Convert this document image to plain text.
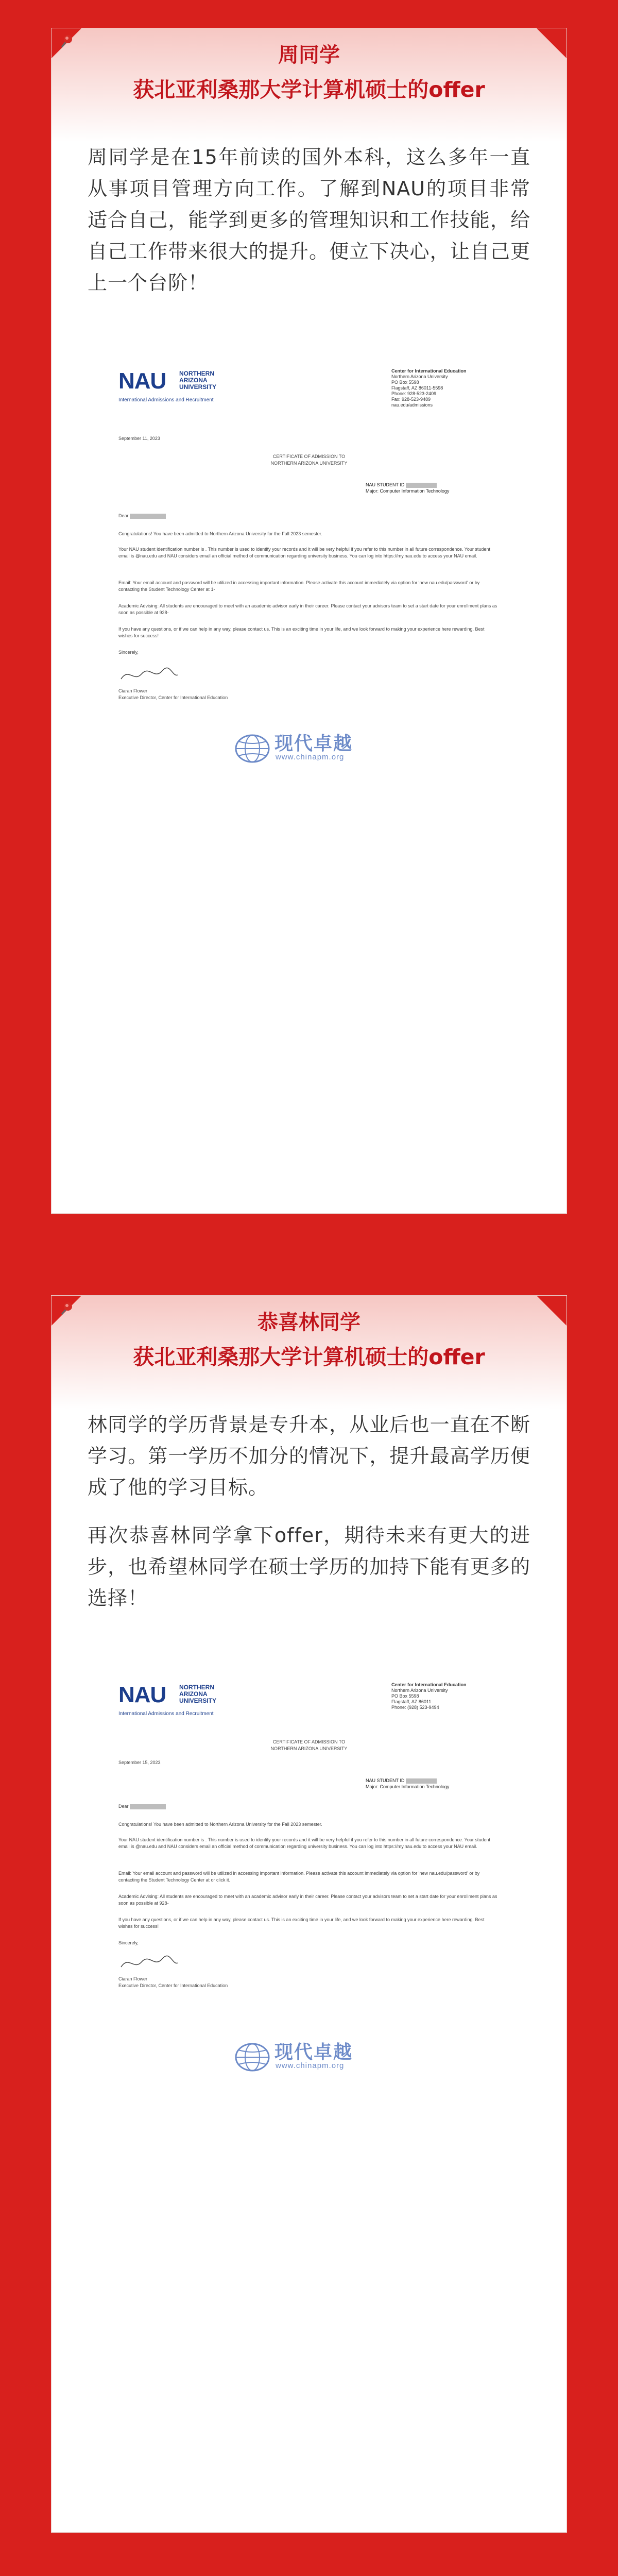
周同学
获北亚利桑那大学计算机硕士的offer
周同学是在15年前读的国外本科，这么多年一直从事项目管理方向工作。了解到NAU的项目非常适合自己，能学到更多的管理知识和工作技能，给自己工作带来很大的提升。便立下决心，让自己更上一个台阶！
NAU NORTHERN
ARIZONA
UNIVERSITY
International Admissions and Recruitment
Center for International Education
Northern Arizona University
PO Box 5598
Flagstaff, AZ 86011-5598
Phone: 928-523-2409
Fax: 928-523-9489
nau.edu/admissions
September 11, 2023
CERTIFICATE OF ADMISSION TO
NORTHERN ARIZONA UNIVERSITY
NAU STUDENT ID
Major: Computer Information Technology
Dear
Congratulations! You have been admitted to Northern Arizona University for the Fall 2023 semester.
Your NAU student identification number is . This number is used to identify your records and it will be very helpful if you refer to this number in all future correspondence. Your student email is @nau.edu and NAU considers email an official method of communication regarding university business. You can log into https://my.nau.edu to access your NAU email.
Email: Your email account and password will be utilized in accessing important information. Please activate this account immediately via option for 'new nau.edu/password' or by contacting the Student Technology Center at 1-
Academic Advising: All students are encouraged to meet with an academic advisor early in their career. Please contact your advisors team to set a start date for your enrollment plans as soon as possible at 928-
If you have any questions, or if we can help in any way, please contact us. This is an exciting time in your life, and we look forward to making your experience here rewarding. Best wishes for success!
Sincerely,
Ciaran Flower
Executive Director, Center for International Education
现代卓越
www.chinapm.org
恭喜林同学
获北亚利桑那大学计算机硕士的offer
林同学的学历背景是专升本，从业后也一直在不断学习。第一学历不加分的情况下，提升最高学历便成了他的学习目标。
再次恭喜林同学拿下offer，期待未来有更大的进步，也希望林同学在硕士学历的加持下能有更多的选择！
NAU NORTHERN
ARIZONA
UNIVERSITY
International Admissions and Recruitment
Center for International Education
Northern Arizona University
PO Box 5598
Flagstaff, AZ 86011
Phone: (928) 523-9494
CERTIFICATE OF ADMISSION TO
NORTHERN ARIZONA UNIVERSITY
September 15, 2023
NAU STUDENT ID
Major: Computer Information Technology
Dear
Congratulations! You have been admitted to Northern Arizona University for the Fall 2023 semester.
Your NAU student identification number is . This number is used to identify your records and it will be very helpful if you refer to this number in all future correspondence. Your student email is @nau.edu and NAU considers email an official method of communication regarding university business. You can log into https://my.nau.edu to access your NAU email.
Email: Your email account and password will be utilized in accessing important information. Please activate this account immediately via option for 'new nau.edu/password' or by contacting the Student Technology Center at or click it.
Academic Advising: All students are encouraged to meet with an academic advisor early in their career. Please contact your advisors team to set a start date for your enrollment plans as soon as possible at 928-
If you have any questions, or if we can help in any way, please contact us. This is an exciting time in your life, and we look forward to making your experience here rewarding. Best wishes for success!
Sincerely,
Ciaran Flower
Executive Director, Center for International Education
现代卓越
www.chinapm.org
